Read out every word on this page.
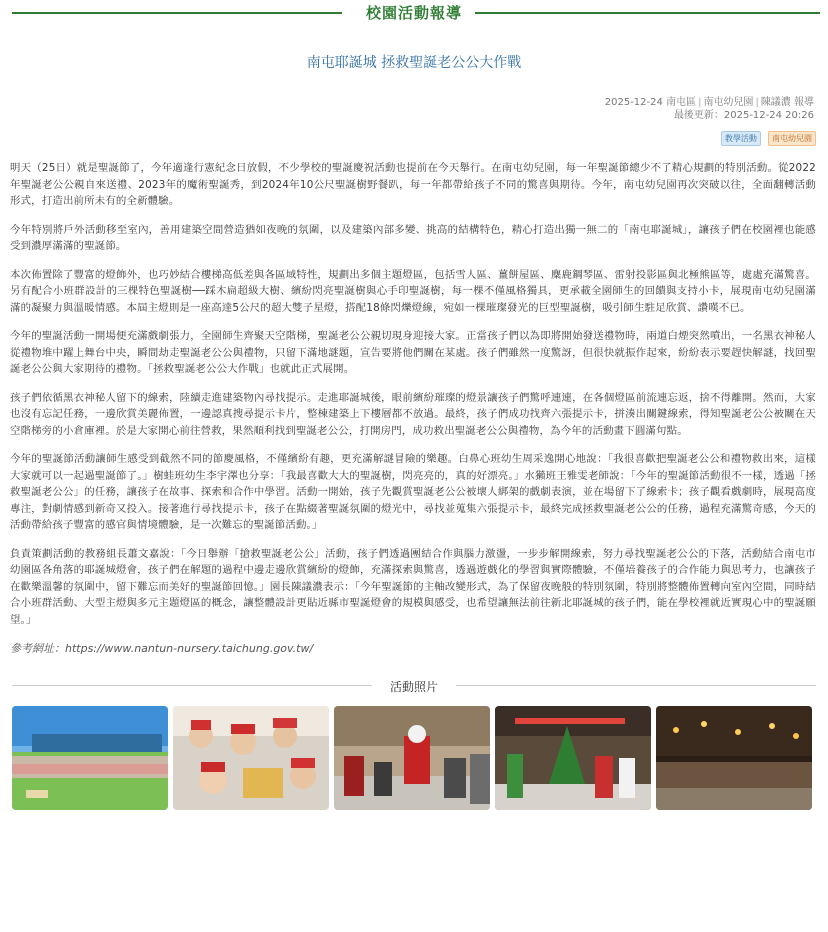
校園活動報導
南屯耶誕城 拯救聖誕老公公大作戰
2025-12-24 南屯區 | 南屯幼兒園 | 陳議濃 報導
最後更新：2025-12-24 20:26
教學活動 南屯幼兒園

明天（25日）就是聖誕節了，今年適逢行憲紀念日放假，不少學校的聖誕慶祝活動也提前在今天舉行。在南屯幼兒園，每一年聖誕節總少不了精心規劃的特別活動。從2022年聖誕老公公親自來送禮、2023年的魔術聖誕秀，到2024年10公尺聖誕樹野餐趴，每一年都帶給孩子不同的驚喜與期待。今年，南屯幼兒園再次突破以往，全面翻轉活動形式，打造出前所未有的全新體驗。

今年特別將戶外活動移至室內，善用建築空間營造猶如夜晚的氛圍，以及建築內部多變、挑高的結構特色，精心打造出獨一無二的「南屯耶誕城」，讓孩子們在校園裡也能感受到濃厚滿滿的聖誕節。

本次佈置除了豐富的燈飾外，也巧妙結合樓梯高低差與各區域特性，規劃出多個主題燈區，包括雪人區、薑餅屋區、麋鹿鋼琴區、雷射投影區與北極熊區等，處處充滿驚喜。另有配合小班群設計的三棵特色聖誕樹──踩木扁超級大樹、繽紛閃亮聖誕樹與心手印聖誕樹，每一棵不僅風格獨具，更承載全園師生的回饋與支持小卡，展現南屯幼兒園滿滿的凝聚力與溫暖情感。本屆主燈則是一座高達5公尺的超大雙子星燈，搭配18條閃爍燈線，宛如一棵璀璨發光的巨型聖誕樹，吸引師生駐足欣賞、讚嘆不已。

今年的聖誕活動一開場便充滿戲劇張力，全園師生齊聚天空階梯，聖誕老公公親切現身迎接大家。正當孩子們以為即將開始發送禮物時，兩道白煙突然噴出，一名黑衣神秘人從禮物堆中躍上舞台中央，瞬間劫走聖誕老公公與禮物，只留下滿地謎題，宣告要將他們關在某處。孩子們雖然一度驚訝，但很快就振作起來，紛紛表示要趕快解謎，找回聖誕老公公與大家期待的禮物。「拯救聖誕老公公大作戰」也就此正式展開。

孩子們依循黑衣神秘人留下的線索，陸續走進建築物內尋找提示。走進耶誕城後，眼前繽紛璀璨的燈景讓孩子們驚呼連連，在各個燈區前流連忘返，捨不得離開。然而，大家也沒有忘記任務，一邊欣賞美麗佈置，一邊認真搜尋提示卡片，整棟建築上下樓層都不放過。最終，孩子們成功找齊六張提示卡，拼湊出關鍵線索，得知聖誕老公公被關在天空階梯旁的小倉庫裡。於是大家開心前往營救，果然順利找到聖誕老公公，打開房門，成功救出聖誕老公公與禮物，為今年的活動畫下圓滿句點。

今年的聖誕節活動讓師生感受到截然不同的節慶風格，不僅繽紛有趣，更充滿解謎冒險的樂趣。白鼻心班幼生周采逸開心地說：「我很喜歡把聖誕老公公和禮物救出來，這樣大家就可以一起過聖誕節了。」樹蛙班幼生李宇澤也分享：「我最喜歡大大的聖誕樹，閃亮亮的，真的好漂亮。」水獺班王雅雯老師說：「今年的聖誕節活動很不一樣，透過「拯救聖誕老公公」的任務，讓孩子在故事、探索和合作中學習。活動一開始，孩子先觀賞聖誕老公公被壞人綁架的戲劇表演，並在場留下了線索卡；孩子觀看戲劇時，展現高度專注，對劇情感到新奇又投入。接著進行尋找提示卡，孩子在點綴著聖誕氛圍的燈光中，尋找並蒐集六張提示卡，最終完成拯救聖誕老公公的任務，過程充滿驚奇感，今天的活動帶給孩子豐富的感官與情境體驗，是一次難忘的聖誕節活動。」

負責策劃活動的教務組長蕭文嘉說：「今日舉辦「搶救聖誕老公公」活動，孩子們透過團結合作與腦力激盪，一步步解開線索，努力尋找聖誕老公公的下落，活動結合南屯市幼園區各角落的耶誕城燈會，孩子們在解題的過程中邊走邊欣賞繽紛的燈飾，充滿探索與驚喜，透過遊戲化的學習與實際體驗，不僅培養孩子的合作能力與思考力，也讓孩子在歡樂溫馨的氛圍中，留下難忘而美好的聖誕節回憶。」園長陳議濃表示：「今年聖誕節的主軸改變形式，為了保留夜晚般的特別氛圍，特別將整體佈置轉向室內空間，同時結合小班群活動、大型主燈與多元主題燈區的概念，讓整體設計更貼近縣市聖誕燈會的規模與感受，也希望讓無法前往新北耶誕城的孩子們，能在學校裡就近實現心中的聖誕願望。」

參考網址：https://www.nantun-nursery.taichung.gov.tw/
活動照片
